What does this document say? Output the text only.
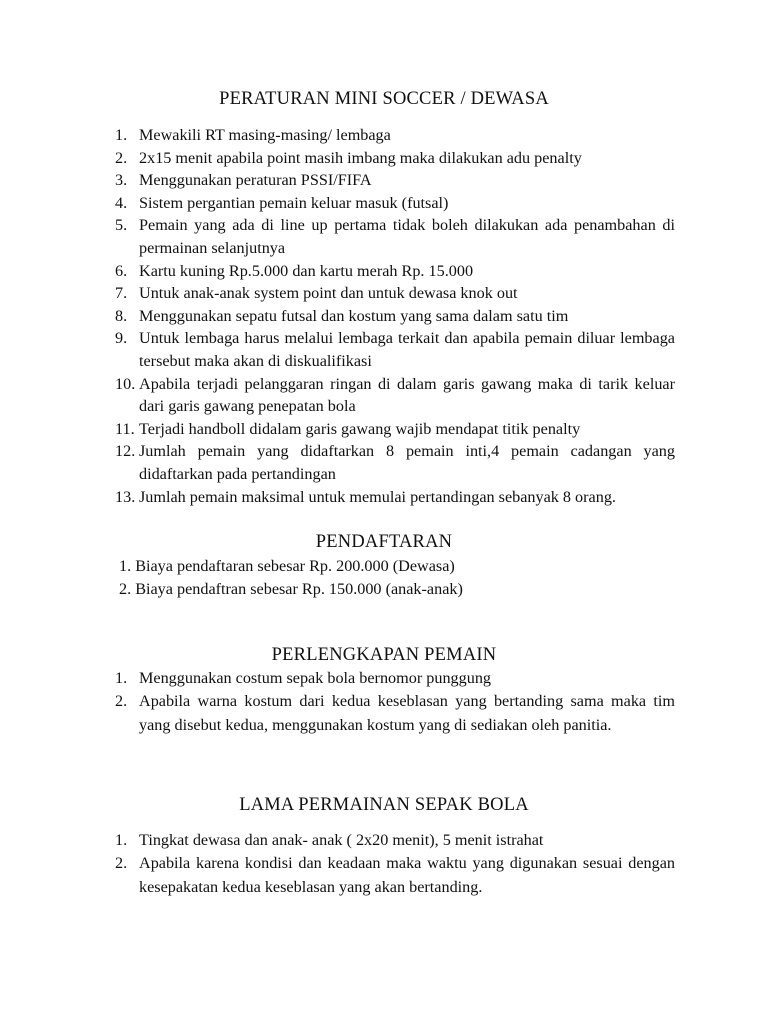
PERATURAN MINI SOCCER / DEWASA
1. Mewakili RT masing-masing/ lembaga
2. 2x15 menit apabila point masih imbang maka dilakukan adu penalty
3. Menggunakan peraturan PSSI/FIFA
4. Sistem pergantian pemain keluar masuk (futsal)
5. Pemain yang ada di line up pertama tidak boleh dilakukan ada penambahan di permainan selanjutnya
6. Kartu kuning Rp.5.000 dan kartu merah Rp. 15.000
7. Untuk anak-anak system point dan untuk dewasa knok out
8. Menggunakan sepatu futsal dan kostum yang sama dalam satu tim
9. Untuk lembaga harus melalui lembaga terkait dan apabila pemain diluar lembaga tersebut maka akan di diskualifikasi
10. Apabila terjadi pelanggaran ringan di dalam garis gawang maka di tarik keluar dari garis gawang penepatan bola
11. Terjadi handboll didalam garis gawang wajib mendapat titik penalty
12. Jumlah pemain yang didaftarkan 8 pemain inti,4 pemain cadangan yang didaftarkan pada pertandingan
13. Jumlah pemain maksimal untuk memulai pertandingan sebanyak 8 orang.
PENDAFTARAN
1. Biaya pendaftaran sebesar Rp. 200.000 (Dewasa)
2. Biaya pendaftran sebesar Rp. 150.000 (anak-anak)
PERLENGKAPAN PEMAIN
1. Menggunakan costum sepak bola bernomor punggung
2. Apabila warna kostum dari kedua keseblasan yang bertanding sama maka tim yang disebut kedua, menggunakan kostum yang di sediakan oleh panitia.
LAMA PERMAINAN SEPAK BOLA
1. Tingkat dewasa dan anak- anak ( 2x20 menit), 5 menit istrahat
2. Apabila karena kondisi dan keadaan maka waktu yang digunakan sesuai dengan kesepakatan kedua keseblasan yang akan bertanding.
